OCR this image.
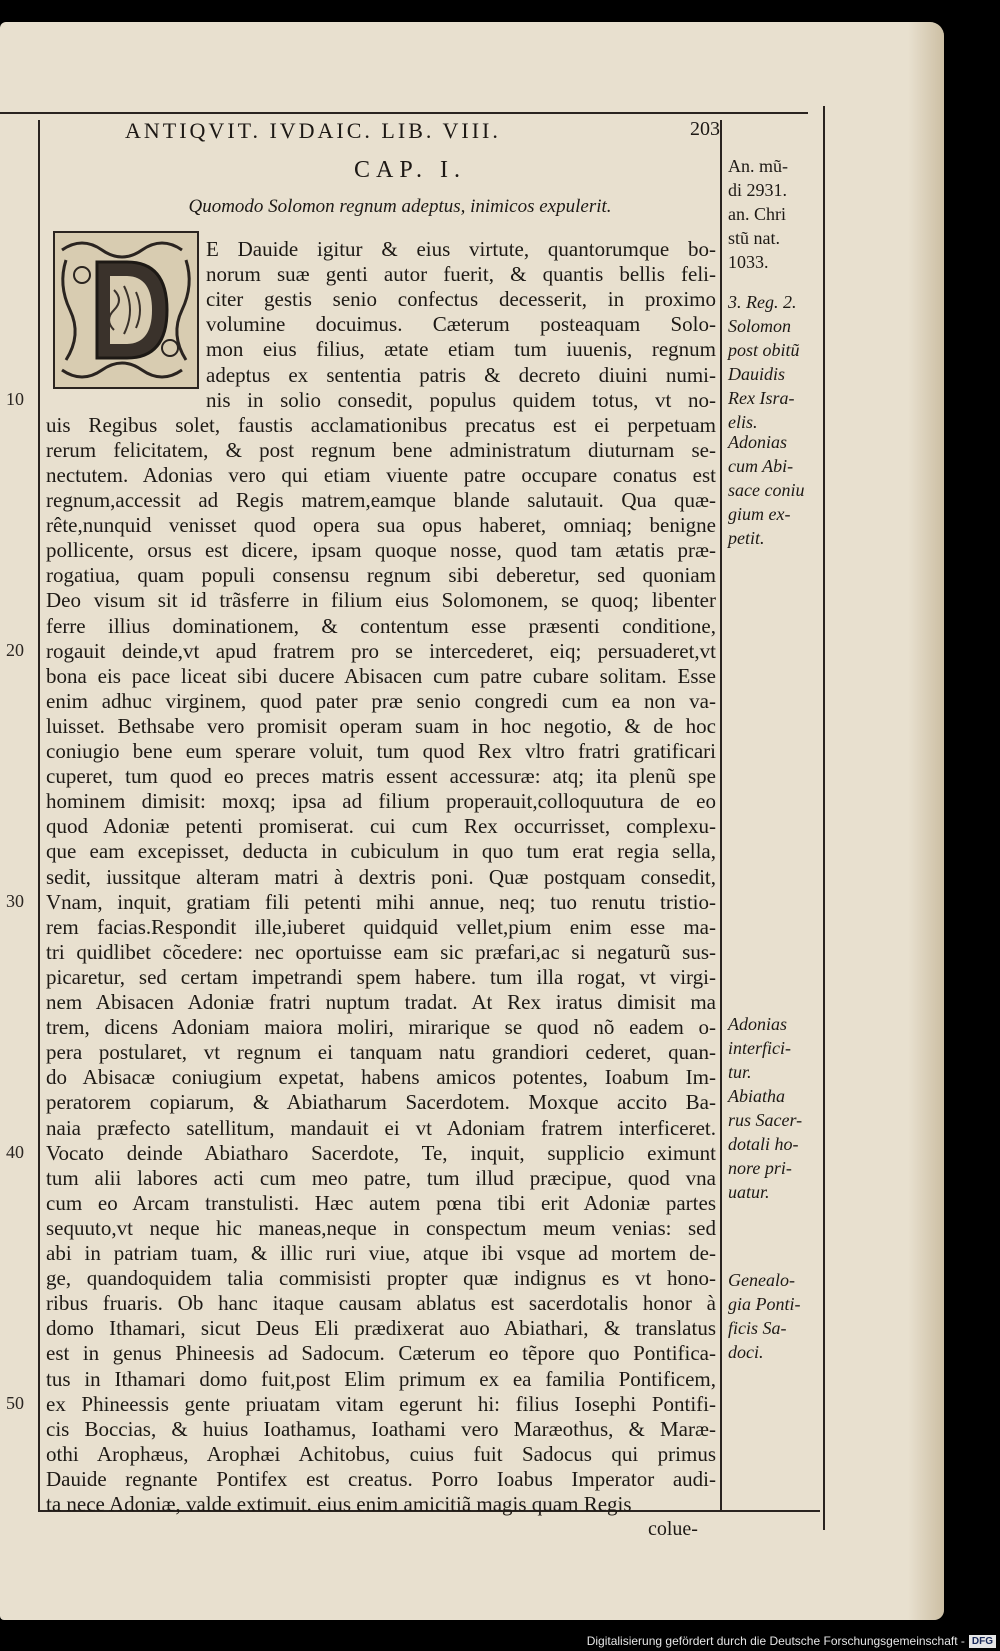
ANTIQVIT. IVDAIC. LIB. VIII.	203
CAP. I.
Quomodo Solomon regnum adeptus, inimicos expulerit.
E Dauide igitur & eius virtute, quantorumque bo-
norum suæ genti autor fuerit, & quantis bellis feli-
citer gestis senio confectus decesserit, in proximo
volumine docuimus. Cæterum posteaquam Solo-
mon eius filius, ætate etiam tum iuuenis, regnum
adeptus ex sententia patris & decreto diuini numi-
nis in solio consedit, populus quidem totus, vt no-
uis Regibus solet, faustis acclamationibus precatus est ei perpetuam
rerum felicitatem, & post regnum bene administratum diuturnam se-
nectutem. Adonias vero qui etiam viuente patre occupare conatus est
regnum,accessit ad Regis matrem,eamque blande salutauit. Qua quæ-
rête,nunquid venisset quod opera sua opus haberet, omniaq; benigne
pollicente, orsus est dicere, ipsam quoque nosse, quod tam ætatis præ-
rogatiua, quam populi consensu regnum sibi deberetur, sed quoniam
Deo visum sit id trãsferre in filium eius Solomonem, se quoq; libenter
ferre illius dominationem, & contentum esse præsenti conditione,
rogauit deinde,vt apud fratrem pro se intercederet, eiq; persuaderet,vt
bona eis pace liceat sibi ducere Abisacen cum patre cubare solitam. Esse
enim adhuc virginem, quod pater præ senio congredi cum ea non va-
luisset. Bethsabe vero promisit operam suam in hoc negotio, & de hoc
coniugio bene eum sperare voluit, tum quod Rex vltro fratri gratificari
cuperet, tum quod eo preces matris essent accessuræ: atq; ita plenũ spe
hominem dimisit: moxq; ipsa ad filium properauit,colloquutura de eo
quod Adoniæ petenti promiserat. cui cum Rex occurrisset, complexu-
que eam excepisset, deducta in cubiculum in quo tum erat regia sella,
sedit, iussitque alteram matri à dextris poni. Quæ postquam consedit,
Vnam, inquit, gratiam fili petenti mihi annue, neq; tuo renutu tristio-
rem facias.Respondit ille,iuberet quidquid vellet,pium enim esse ma-
tri quidlibet cõcedere: nec oportuisse eam sic præfari,ac si negaturũ sus-
picaretur, sed certam impetrandi spem habere. tum illa rogat, vt virgi-
nem Abisacen Adoniæ fratri nuptum tradat. At Rex iratus dimisit ma
trem, dicens Adoniam maiora moliri, mirarique se quod nõ eadem o-
pera postularet, vt regnum ei tanquam natu grandiori cederet, quan-
do Abisacæ coniugium expetat, habens amicos potentes, Ioabum Im-
peratorem copiarum, & Abiatharum Sacerdotem. Moxque accito Ba-
naia præfecto satellitum, mandauit ei vt Adoniam fratrem interficeret.
Vocato deinde Abiatharo Sacerdote, Te, inquit, supplicio eximunt
tum alii labores acti cum meo patre, tum illud præcipue, quod vna
cum eo Arcam transtulisti. Hæc autem pœna tibi erit Adoniæ partes
sequuto,vt neque hic maneas,neque in conspectum meum venias: sed
abi in patriam tuam, & illic ruri viue, atque ibi vsque ad mortem de-
ge, quandoquidem talia commisisti propter quæ indignus es vt hono-
ribus fruaris. Ob hanc itaque causam ablatus est sacerdotalis honor à
domo Ithamari, sicut Deus Eli prædixerat auo Abiathari, & translatus
est in genus Phineesis ad Sadocum. Cæterum eo tẽpore quo Pontifica-
tus in Ithamari domo fuit,post Elim primum ex ea familia Pontificem,
ex Phineessis gente priuatam vitam egerunt hi: filius Iosephi Pontifi-
cis Boccias, & huius Ioathamus, Ioathami vero Maræothus, & Maræ-
othi Arophæus, Arophæi Achitobus, cuius fuit Sadocus qui primus
Dauide regnante Pontifex est creatus. Porro Ioabus Imperator audi-
ta nece Adoniæ, valde extimuit. eius enim amicitiã magis quam Regis
10
20
30
40
50
An. mũ-
di 2931.
an. Chri
stũ nat.
1033.
3. Reg. 2.
Solomon
post obitũ
Dauidis
Rex Isra-
elis.
Adonias
cum Abi-
sace coniu
gium ex-
petit.
Adonias
interfici-
tur.
Abiatha
rus Sacer-
dotali ho-
nore pri-
uatur.
Genealo-
gia Ponti-
ficis Sa-
doci.
colue-
Digitalisierung gefördert durch die Deutsche Forschungsgemeinschaft - DFG
